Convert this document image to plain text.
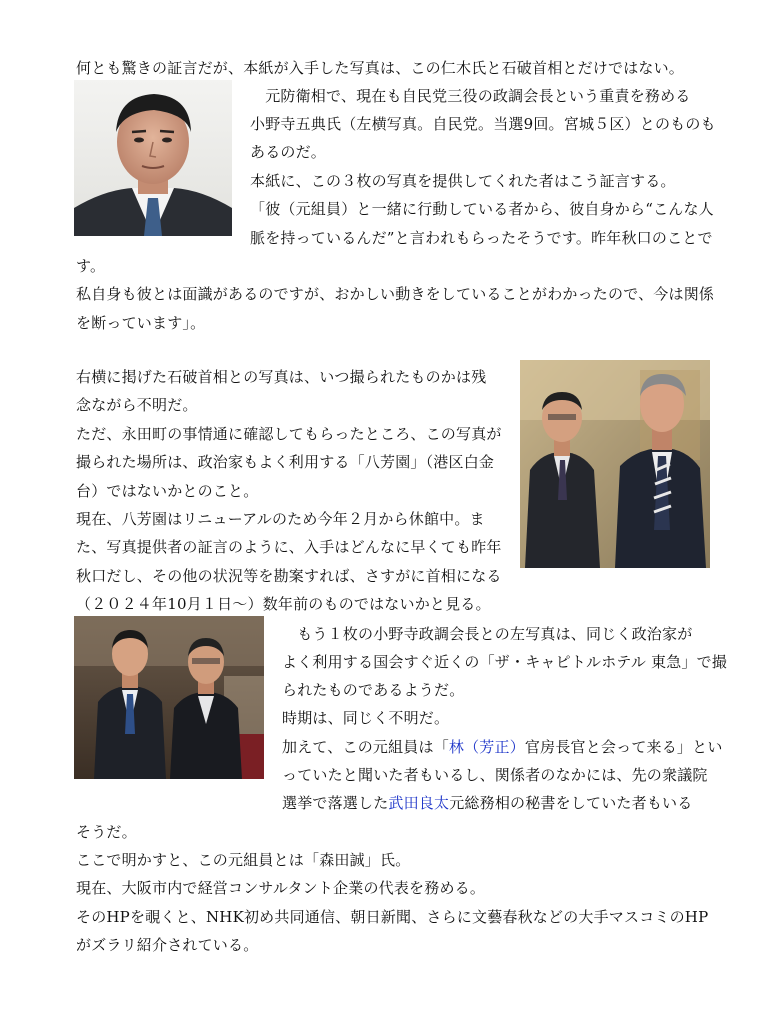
何とも驚きの証言だが、本紙が入手した写真は、この仁木氏と石破首相とだけではない。
　元防衛相で、現在も自民党三役の政調会長という重責を務める
小野寺五典氏（左横写真。自民党。当選9回。宮城５区）とのものも
あるのだ。
本紙に、この３枚の写真を提供してくれた者はこう証言する。
「彼（元組員）と一緒に行動している者から、彼自身から“こんな人
脈を持っているんだ”と言われもらったそうです。昨年秋口のことで
す。
私自身も彼とは面識があるのですが、おかしい動きをしていることがわかったので、今は関係
を断っています」。
右横に掲げた石破首相との写真は、いつ撮られたものかは残
念ながら不明だ。
ただ、永田町の事情通に確認してもらったところ、この写真が
撮られた場所は、政治家もよく利用する「八芳園」（港区白金
台）ではないかとのこと。
現在、八芳園はリニューアルのため今年２月から休館中。ま
た、写真提供者の証言のように、入手はどんなに早くても昨年
秋口だし、その他の状況等を勘案すれば、さすがに首相になる
（２０２４年10月１日～）数年前のものではないかと見る。
　もう１枚の小野寺政調会長との左写真は、同じく政治家が
よく利用する国会すぐ近くの「ザ・キャピトルホテル 東急」で撮
られたものであるようだ。
時期は、同じく不明だ。
加えて、この元組員は「林（芳正）官房長官と会って来る」とい
っていたと聞いた者もいるし、関係者のなかには、先の衆議院
選挙で落選した武田良太元総務相の秘書をしていた者もいる
そうだ。
ここで明かすと、この元組員とは「森田誠」氏。
現在、大阪市内で経営コンサルタント企業の代表を務める。
そのHPを覗くと、NHK初め共同通信、朝日新聞、さらに文藝春秋などの大手マスコミのHP
がズラリ紹介されている。
